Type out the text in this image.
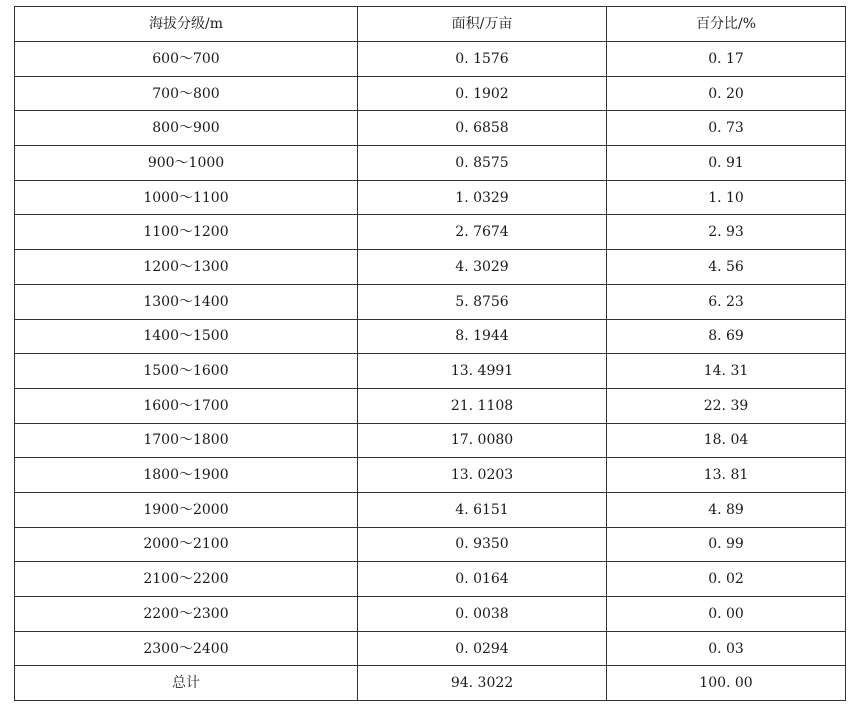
海拔分级/m	面积/万亩	百分比/%
600～700	0. 1576	0. 17
700～800	0. 1902	0. 20
800～900	0. 6858	0. 73
900～1000	0. 8575	0. 91
1000～1100	1. 0329	1. 10
1100～1200	2. 7674	2. 93
1200～1300	4. 3029	4. 56
1300～1400	5. 8756	6. 23
1400～1500	8. 1944	8. 69
1500～1600	13. 4991	14. 31
1600～1700	21. 1108	22. 39
1700～1800	17. 0080	18. 04
1800～1900	13. 0203	13. 81
1900～2000	4. 6151	4. 89
2000～2100	0. 9350	0. 99
2100～2200	0. 0164	0. 02
2200～2300	0. 0038	0. 00
2300～2400	0. 0294	0. 03
总计	94. 3022	100. 00
